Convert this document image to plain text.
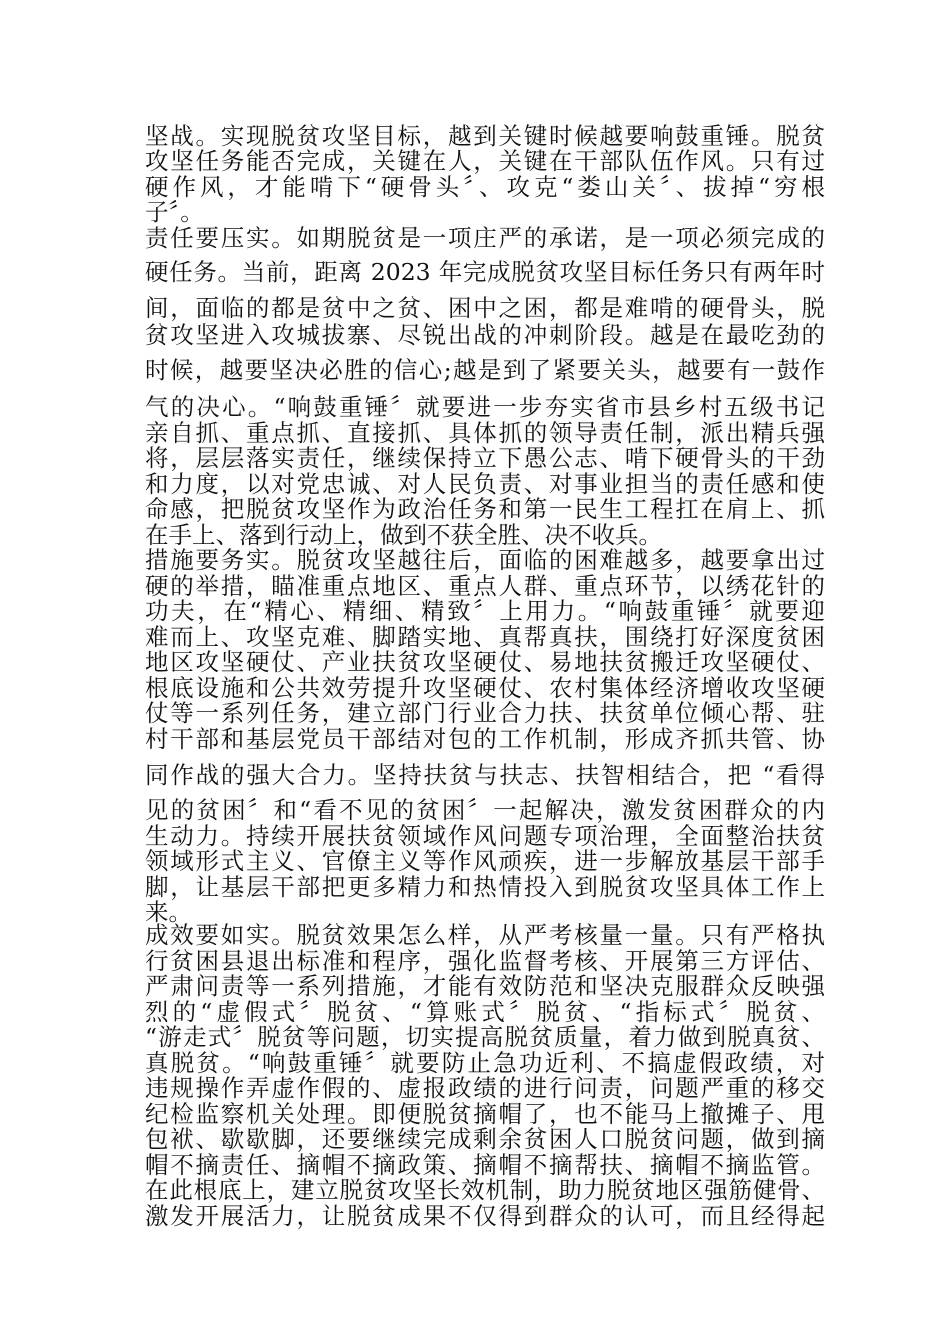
坚战。实现脱贫攻坚目标，越到关键时候越要响鼓重锤。脱贫
攻坚任务能否完成，关键在人，关键在干部队伍作风。只有过
硬作风，才能啃下“硬骨头〞、攻克“娄山关〞、拔掉“穷根
子〞。
责任要压实。如期脱贫是一项庄严的承诺，是一项必须完成的
硬任务。当前，距离 2023 年完成脱贫攻坚目标任务只有两年时
间，面临的都是贫中之贫、困中之困，都是难啃的硬骨头，脱
贫攻坚进入攻城拔寨、尽锐出战的冲刺阶段。越是在最吃劲的
时候，越要坚决必胜的信心;越是到了紧要关头，越要有一鼓作
气的决心。“响鼓重锤〞就要进一步夯实省市县乡村五级书记
亲自抓、重点抓、直接抓、具体抓的领导责任制，派出精兵强
将，层层落实责任，继续保持立下愚公志、啃下硬骨头的干劲
和力度，以对党忠诚、对人民负责、对事业担当的责任感和使
命感，把脱贫攻坚作为政治任务和第一民生工程扛在肩上、抓
在手上、落到行动上，做到不获全胜、决不收兵。
措施要务实。脱贫攻坚越往后，面临的困难越多，越要拿出过
硬的举措，瞄准重点地区、重点人群、重点环节，以绣花针的
功夫，在“精心、精细、精致〞上用力。“响鼓重锤〞就要迎
难而上、攻坚克难、脚踏实地、真帮真扶，围绕打好深度贫困
地区攻坚硬仗、产业扶贫攻坚硬仗、易地扶贫搬迁攻坚硬仗、
根底设施和公共效劳提升攻坚硬仗、农村集体经济增收攻坚硬
仗等一系列任务，建立部门行业合力扶、扶贫单位倾心帮、驻
村干部和基层党员干部结对包的工作机制，形成齐抓共管、协
同作战的强大合力。坚持扶贫与扶志、扶智相结合，把 “看得
见的贫困〞和“看不见的贫困〞一起解决，激发贫困群众的内
生动力。持续开展扶贫领域作风问题专项治理，全面整治扶贫
领域形式主义、官僚主义等作风顽疾，进一步解放基层干部手
脚，让基层干部把更多精力和热情投入到脱贫攻坚具体工作上
来。
成效要如实。脱贫效果怎么样，从严考核量一量。只有严格执
行贫困县退出标准和程序，强化监督考核、开展第三方评估、
严肃问责等一系列措施，才能有效防范和坚决克服群众反映强
烈的“虚假式〞脱贫、“算账式〞脱贫、“指标式〞脱贫、
“游走式〞脱贫等问题，切实提高脱贫质量，着力做到脱真贫、
真脱贫。“响鼓重锤〞就要防止急功近利、不搞虚假政绩，对
违规操作弄虚作假的、虚报政绩的进行问责，问题严重的移交
纪检监察机关处理。即便脱贫摘帽了，也不能马上撤摊子、甩
包袱、歇歇脚，还要继续完成剩余贫困人口脱贫问题，做到摘
帽不摘责任、摘帽不摘政策、摘帽不摘帮扶、摘帽不摘监管。
在此根底上，建立脱贫攻坚长效机制，助力脱贫地区强筋健骨、
激发开展活力，让脱贫成果不仅得到群众的认可，而且经得起
